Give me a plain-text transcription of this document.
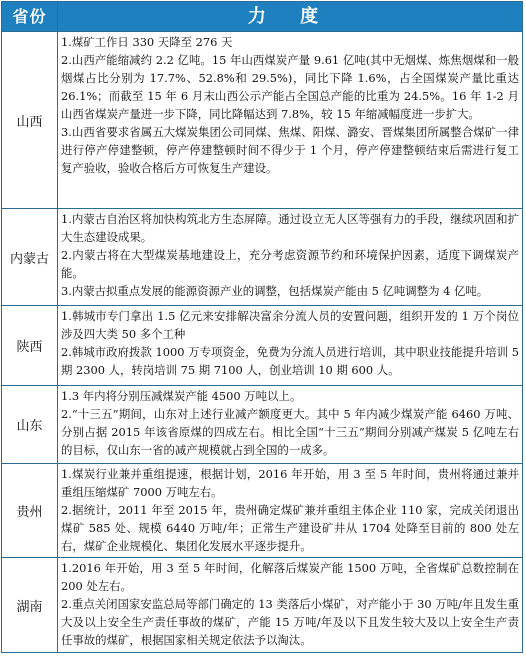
省份	力 度
山西

1.煤矿工作日 330 天降至 276 天

2.山西产能缩减约 2.2 亿吨。15 年山西煤炭产量 9.61 亿吨(其中无烟煤、炼焦烟煤和一般烟煤占比分别为 17.7%、52.8%和 29.5%)，同比下降 1.6%，占全国煤炭产量比重达 26.1%；而截至 15 年 6 月末山西公示产能占全国总产能的比重为 24.5%。16 年 1-2 月山西省煤炭产量进一步下降，同比降幅达到 7.8%，较 15 年缩减幅度进一步扩大。

3.山西省要求省属五大煤炭集团公司同煤、焦煤、阳煤、潞安、晋煤集团所属整合煤矿一律进行停产停建整顿，停产停建整顿时间不得少于 1 个月，停产停建整顿结束后需进行复工复产验收，验收合格后方可恢复生产建设。

内蒙古

1.内蒙古自治区将加快构筑北方生态屏障。通过设立无人区等强有力的手段，继续巩固和扩大生态建设成果。

2.内蒙古将在大型煤炭基地建设上，充分考虑资源节约和环境保护因素，适度下调煤炭产能。

3.内蒙古拟重点发展的能源资源产业的调整，包括煤炭产能由 5 亿吨调整为 4 亿吨。

陕西

1.韩城市专门拿出 1.5 亿元来安排解决富余分流人员的安置问题，组织开发的 1 万个岗位涉及四大类 50 多个工种

2.韩城市政府拨款 1000 万专项资金，免费为分流人员进行培训，其中职业技能提升培训 5 期 2300 人，转岗培训 75 期 7100 人，创业培训 10 期 600 人。

山东

1.3 年内将分别压减煤炭产能 4500 万吨以上。

2.“十三五”期间，山东对上述行业减产额度更大。其中 5 年内减少煤炭产能 6460 万吨、分别占据 2015 年该省原煤的四成左右。相比全国“十三五”期间分别减产煤炭 5 亿吨左右的目标，仅山东一省的减产规模就占到全国的一成多。

贵州

1.煤炭行业兼并重组提速，根据计划，2016 年开始，用 3 至 5 年时间，贵州将通过兼并重组压缩煤矿 7000 万吨左右。

2.据统计，2011 年至 2015 年，贵州确定煤矿兼并重组主体企业 110 家，完成关闭退出煤矿 585 处、规模 6440 万吨/年；正常生产建设矿井从 1704 处降至目前的 800 处左右，煤矿企业规模化、集团化发展水平逐步提升。

湖南

1.2016 年开始，用 3 至 5 年时间，化解落后煤炭产能 1500 万吨，全省煤矿总数控制在 200 处左右。

2.重点关闭国家安监总局等部门确定的 13 类落后小煤矿，对产能小于 30 万吨/年且发生重大及以上安全生产责任事故的煤矿，产能 15 万吨/年及以下且发生较大及以上安全生产责任事故的煤矿，根据国家相关规定依法予以淘汰。
